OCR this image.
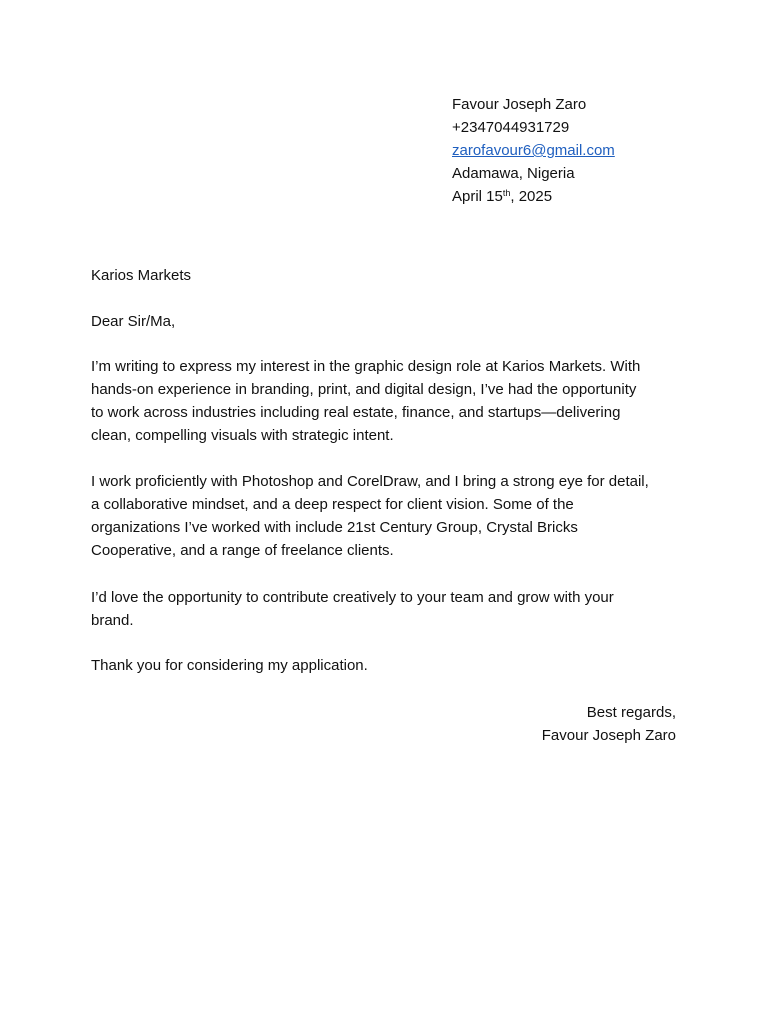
Favour Joseph Zaro
+2347044931729
zarofavour6@gmail.com
Adamawa, Nigeria
April 15th, 2025
Karios Markets
Dear Sir/Ma,
I’m writing to express my interest in the graphic design role at Karios Markets. With
hands-on experience in branding, print, and digital design, I’ve had the opportunity
to work across industries including real estate, finance, and startups—delivering
clean, compelling visuals with strategic intent.
I work proficiently with Photoshop and CorelDraw, and I bring a strong eye for detail,
a collaborative mindset, and a deep respect for client vision. Some of the
organizations I’ve worked with include 21st Century Group, Crystal Bricks
Cooperative, and a range of freelance clients.
I’d love the opportunity to contribute creatively to your team and grow with your
brand.
Thank you for considering my application.
Best regards,
Favour Joseph Zaro
